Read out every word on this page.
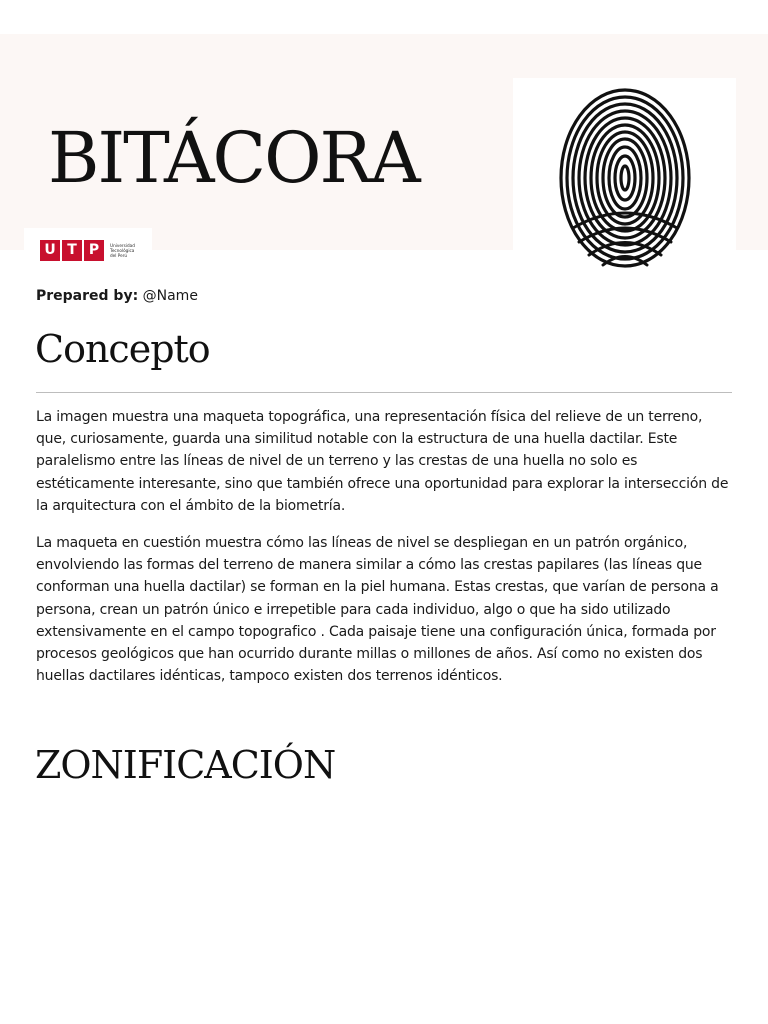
BITÁCORA
U T P	Universidad
Tecnológica
del Perú
Prepared by: @Name
Concepto

La imagen muestra una maqueta topográfica, una representación física del relieve de un terreno, que, curiosamente, guarda una similitud notable con la estructura de una huella dactilar. Este paralelismo entre las líneas de nivel de un terreno y las crestas de una huella no solo es estéticamente interesante, sino que también ofrece una oportunidad para explorar la intersección de la arquitectura con el ámbito de la biometría.

La maqueta en cuestión muestra cómo las líneas de nivel se despliegan en un patrón orgánico, envolviendo las formas del terreno de manera similar a cómo las crestas papilares (las líneas que conforman una huella dactilar) se forman en la piel humana. Estas crestas, que varían de persona a persona, crean un patrón único e irrepetible para cada individuo, algo o que ha sido utilizado extensivamente en el campo topografico . Cada paisaje tiene una configuración única, formada por procesos geológicos que han ocurrido durante millas o millones de años. Así como no existen dos huellas dactilares idénticas, tampoco existen dos terrenos idénticos.

ZONIFICACIÓN
